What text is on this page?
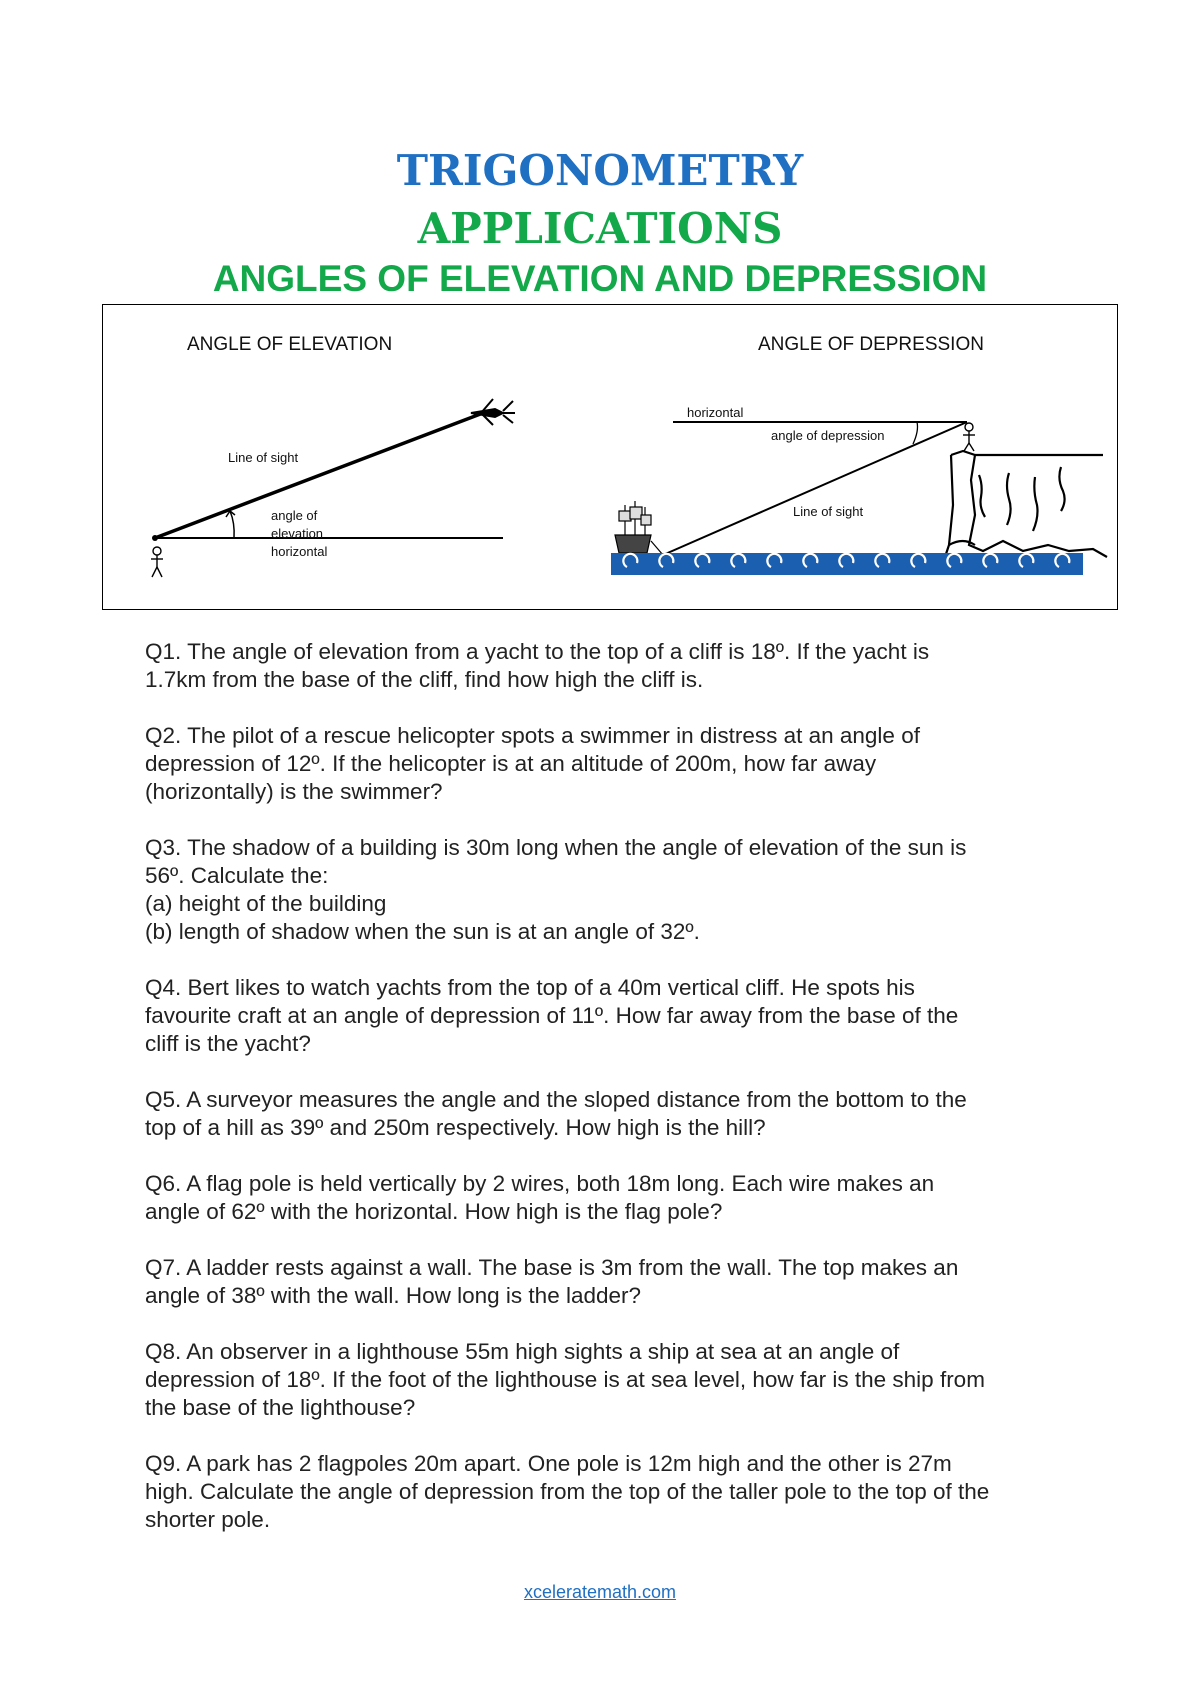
TRIGONOMETRY
APPLICATIONS
ANGLES OF ELEVATION AND DEPRESSION
ANGLE OF ELEVATION
Line of sight
angle of
elevation
horizontal
ANGLE OF DEPRESSION
horizontal
angle of depression
Line of sight
Q1. The angle of elevation from a yacht to the top of a cliff is 18º. If the yacht is
1.7km from the base of the cliff, find how high the cliff is.
Q2. The pilot of a rescue helicopter spots a swimmer in distress at an angle of
depression of 12º. If the helicopter is at an altitude of 200m, how far away
(horizontally) is the swimmer?
Q3. The shadow of a building is 30m long when the angle of elevation of the sun is
56º. Calculate the:
(a) height of the building
(b) length of shadow when the sun is at an angle of 32º.
Q4. Bert likes to watch yachts from the top of a 40m vertical cliff. He spots his
favourite craft at an angle of depression of 11º. How far away from the base of the
cliff is the yacht?
Q5. A surveyor measures the angle and the sloped distance from the bottom to the
top of a hill as 39º and 250m respectively. How high is the hill?
Q6. A flag pole is held vertically by 2 wires, both 18m long. Each wire makes an
angle of 62º with the horizontal. How high is the flag pole?
Q7. A ladder rests against a wall. The base is 3m from the wall. The top makes an
angle of 38º with the wall. How long is the ladder?
Q8. An observer in a lighthouse 55m high sights a ship at sea at an angle of
depression of 18º. If the foot of the lighthouse is at sea level, how far is the ship from
the base of the lighthouse?
Q9. A park has 2 flagpoles 20m apart. One pole is 12m high and the other is 27m
high. Calculate the angle of depression from the top of the taller pole to the top of the
shorter pole.
xceleratemath.com
